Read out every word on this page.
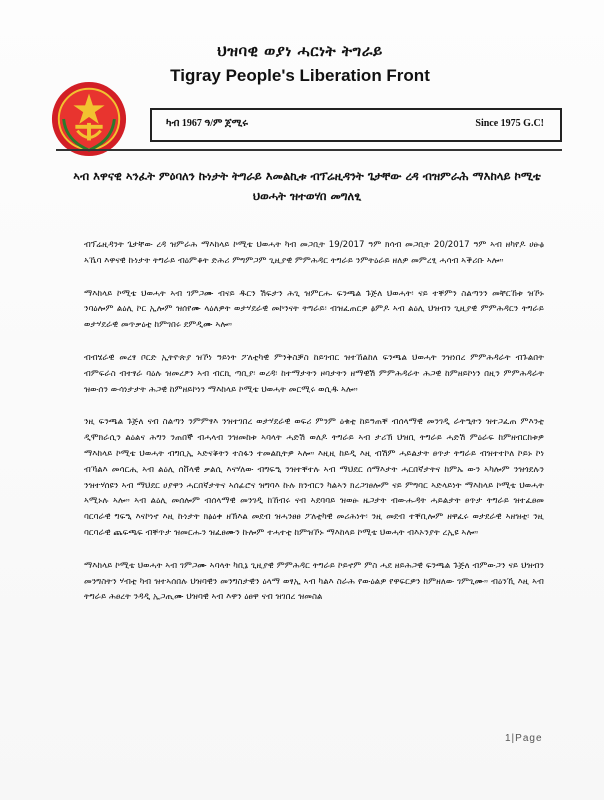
ህዝባዊ ወያነ ሓርነት ትግራይ
Tigray People's Liberation Front
ካብ 1967 ዓ/ም ጀሚሩ	Since 1975 G.C!
ኣብ እዋናዊ ኣንፈት ምዕባለን ኩነታት ትግራይ እመልኪቱ ብፕሬዚዳንት ጌታቸው ረዳ ብዝምራሕ ማእከላይ ኮሚቴ ህወሓት ዝተወሃበ መግለፂ

ብፕሬዚዳንት ጌታቸው ረዳ ዝምራሕ ማእከላይ ኮሚቴ ህወሓት ካብ መጋቢት 19/2017 ዓም ክሳብ መጋቢት 20/2017 ዓም ኣብ ዘካየዶ ሀፁፅ ኣኼባ እዋናዊ ኩነታት ትግራይ ብዕምቆት ድሕሪ ምግምጋም ጊዚያዊ ምምሕዳር ትግራይ ንምትዕራይ ዘለዎ መምረፂ ሓሳብ ኣቕሪቡ ኣሎ።

ማእከላይ ኮሚቴ ህወሓት ኣብ ገምጋሙ ብናይ ዱርን ሽፍታን ሕጊ ዝምርሑ ፍንጫል ጉጅለ ህወሓት፡ ናይ ተቐምን ስልጣንን መቸርኸቱ ዝኾኑ ንባዕሎም ልዕሊ ኮር ኢሎም ዝሰየሙ ላዕለዎት ወታሃደራዊ መኮንናት ትግራይ፡ ብዝፈጠርዎ ፅምዶ ኣብ ልዕሊ ህዝብን ጊዚያዊ ምምሕዳርን ትግራይ ወታሃደራዊ መጥቃዕቲ ከምገበሩ ደምዲሙ ኣሎ።

ብብሄራዊ መረፃ ቦርድ ኢትዮጵያ ዝኾነ ዓይነት ፖለቲካዊ ምንቅስቓስ ከይገብር ዝተኸልከለ ፍንጫል ህወሓት ንዝነበረ ምምሕዳራት ብጉልበት ብምፍራስ ብተፃራ ባዕሉ ዝመረፆን ኣብ ብርኪ ጣቢያ፡ ወረዳ፡ ከተማታትን ዞባታትን ዘማዊሽ ምምሕዳራት ሕጋዊ ከምዘይኮነን በዚን ምምሕዳራት ዝውሰን ውሳነታታት ሕጋዊ ከምዘይኮነን ማእከላይ ኮሚቴ ህወሓት መርሚሩ ወሲዱ ኣሎ።

ንዚ ፍንጫል ጉጅለ ናብ ስልጣን ንምምፃእ ንዝተገበረ ወታሃደራዊ ወፍሪ ምንም ዕቁቲ ከይዓጠቐ ብሰላማዊ መንገዲ ራትዒትን ዝተጋፈጠ ምእንቲ ዲሞክራሲን ልዕልና ሕግን ንጠበኞ ብሓላብ ንዝመከቱ ኣባላት ሓድሽ ወለዶ ትግራይ ኣብ ታሪኽ ህዝቢ ትግራይ ሓድሽ ምዕራፍ ከምዘብርከቱዎ ማእከላይ ኮሚቴ ህወሓት ብግቢኢ ኣድናቖትን ተስፋን ተመልኪትዎ ኣሎ። እዚዚ ከይዲ እዚ ብሽም ሓይልታት ፀጥታ ትግራይ ብዝተተኮለ ኮይኑ ኮነ ብኻልእ መሳርሒ ኣብ ልዕሊ ሰቨላዊ ቃልሲ እናሃለው ብግፍዒ ንዝተቐተሉ ኣብ ማህደር ሰማእታት ሓርበኛታትና ከምኡ ውን ኣካሎም ንዝጎደሉን ንዝተሃሰዩን ኣብ ማህደር ሀያዋን ሓርበኛታትና ኣሰፊሮና ዝግባእ ኩሉ ክንብርን ካልኣን ክረጋገፀሎም ናይ ምግባር ኣድላይነት ማእከላይ ኮሚቴ ህወሓት ኣሚኑሉ ኣሎ። ኣብ ልዕሊ መሰሎም ብሰላማዊ መንገዲ ከኸብሩ ናብ ኣደባባይ ዝወፁ ዜጋታት ብውሑዳት ሓይልታት ፀጥታ ትግራይ ዝተፈፀመ ባርባራዊ ግፍዒ እናኮነኖ እዚ ኩነታት ክፅዕቀ ዘኽእል መደብ ዝሓንፀፀ ፖለቲካዊ መሪሕነት፡ ንዚ መደብ ተቐቢሎም ዘዋፈሩ ወታደራዊ ኣዘዝቲ፡ ንዚ ባርባራዊ ጨፍጫፍ ብቐጥታ ዝመርሑን ዝፈፀሙን ኩሎም ተሓተቲ ከምዝኾኑ ማእከላይ ኮሚቴ ህወሓት ብእኦንያት ረኢዩ ኣሎ።

ማእከላይ ኮሚቴ ህወሓት ኣብ ገምጋሙ ኣባላት ካቢኔ ጊዚያዊ ምምሕዳር ትግራይ ኮይኖም ምስ ሓደ ዘይሕጋዊ ፍንጫል ጉጅለ ብምውጋን ናይ ህዝብን መንግስትን ሃብቲ ካብ ዝተኣሰበሉ ህዝባዊን መንግስታዊን ዕላማ ወፃኢ ኣብ ካልእ ስራሕ የውዕልዎ የዋፍርዎን ከምዘለው ገምጊሙ። ብዕንኺ እዚ ኣብ ትግራይ ሕፀረት ንዳዲ ኢጋጢሙ ህዝባዊ ኣብ እዋን ዕፀዋ ናብ ዝገበረ ዝመስል

1|Page
